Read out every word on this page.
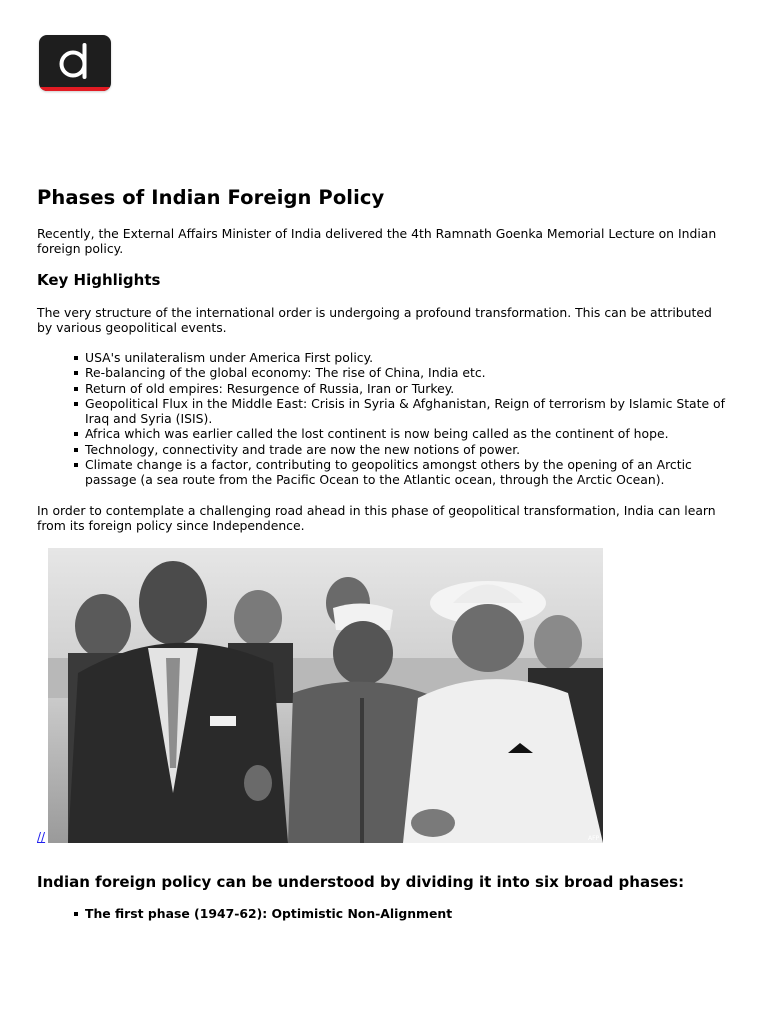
Phases of Indian Foreign Policy

Recently, the External Affairs Minister of India delivered the 4th Ramnath Goenka Memorial Lecture on Indian foreign policy.

Key Highlights

The very structure of the international order is undergoing a profound transformation. This can be attributed by various geopolitical events.

USA's unilateralism under America First policy.
Re-balancing of the global economy: The rise of China, India etc.
Return of old empires: Resurgence of Russia, Iran or Turkey.
Geopolitical Flux in the Middle East: Crisis in Syria & Afghanistan, Reign of terrorism by Islamic State of Iraq and Syria (ISIS).
Africa which was earlier called the lost continent is now being called as the continent of hope.
Technology, connectivity and trade are now the new notions of power.
Climate change is a factor, contributing to geopolitics amongst others by the opening of an Arctic passage (a sea route from the Pacific Ocean to the Atlantic ocean, through the Arctic Ocean).

In order to contemplate a challenging road ahead in this phase of geopolitical transformation, India can learn from its foreign policy since Independence.

AFP
//
Indian foreign policy can be understood by dividing it into six broad phases:
The first phase (1947-62): Optimistic Non-Alignment
